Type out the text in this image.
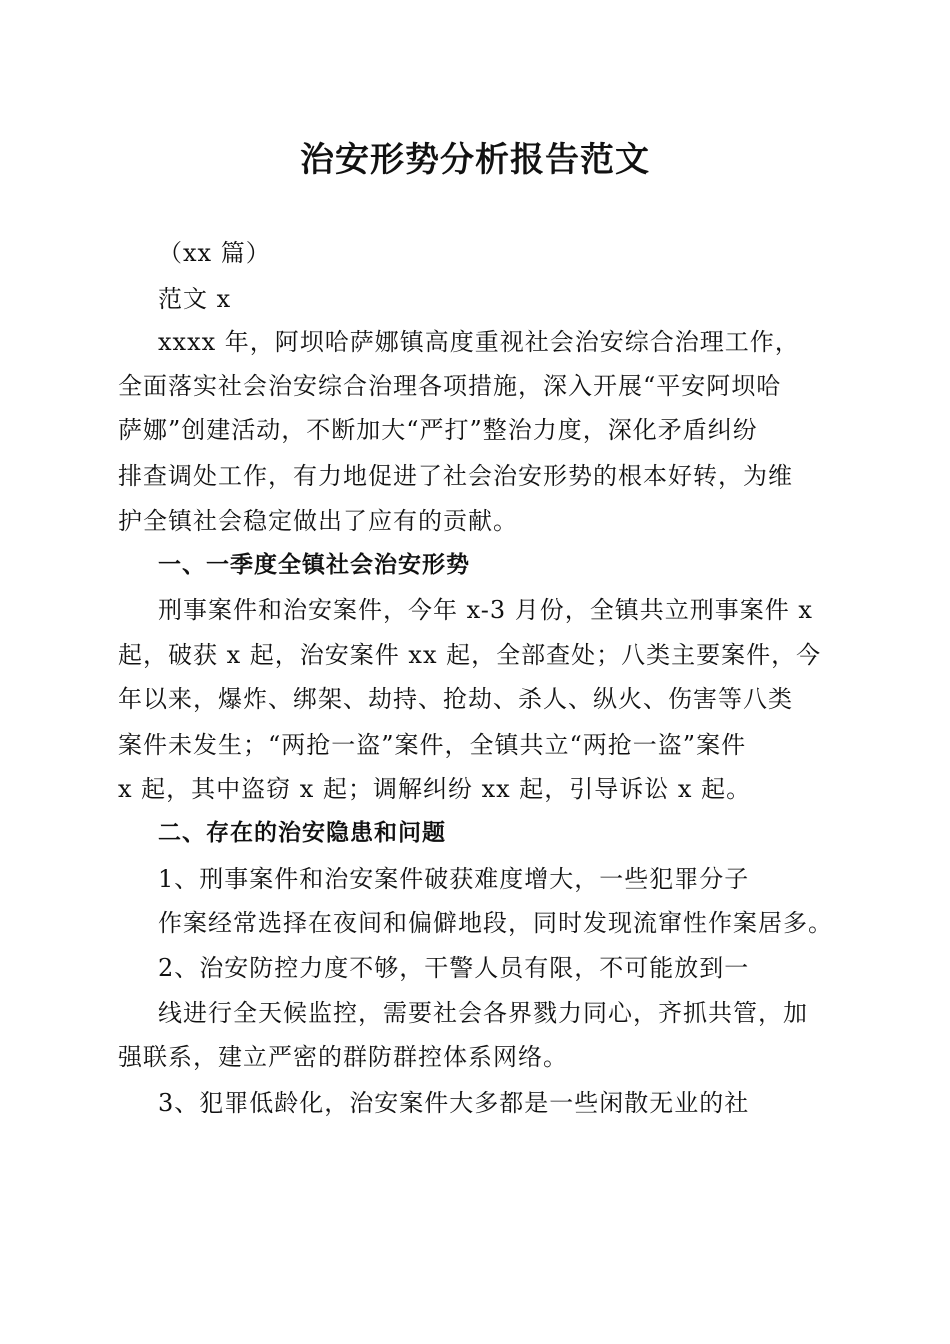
治安形势分析报告范文
（xx 篇）
范文 x
xxxx 年，阿坝哈萨娜镇高度重视社会治安综合治理工作，
全面落实社会治安综合治理各项措施，深入开展“平安阿坝哈
萨娜”创建活动，不断加大“严打”整治力度，深化矛盾纠纷
排查调处工作，有力地促进了社会治安形势的根本好转，为维
护全镇社会稳定做出了应有的贡献。
一、一季度全镇社会治安形势
刑事案件和治安案件，今年 x-3 月份，全镇共立刑事案件 x
起，破获 x 起，治安案件 xx 起，全部查处；八类主要案件，今
年以来，爆炸、绑架、劫持、抢劫、杀人、纵火、伤害等八类
案件未发生；“两抢一盗”案件，全镇共立“两抢一盗”案件
x 起，其中盗窃 x 起；调解纠纷 xx 起，引导诉讼 x 起。
二、存在的治安隐患和问题
1、刑事案件和治安案件破获难度增大，一些犯罪分子
作案经常选择在夜间和偏僻地段，同时发现流窜性作案居多。
2、治安防控力度不够，干警人员有限，不可能放到一
线进行全天候监控，需要社会各界戮力同心，齐抓共管，加
强联系，建立严密的群防群控体系网络。
3、犯罪低龄化，治安案件大多都是一些闲散无业的社
